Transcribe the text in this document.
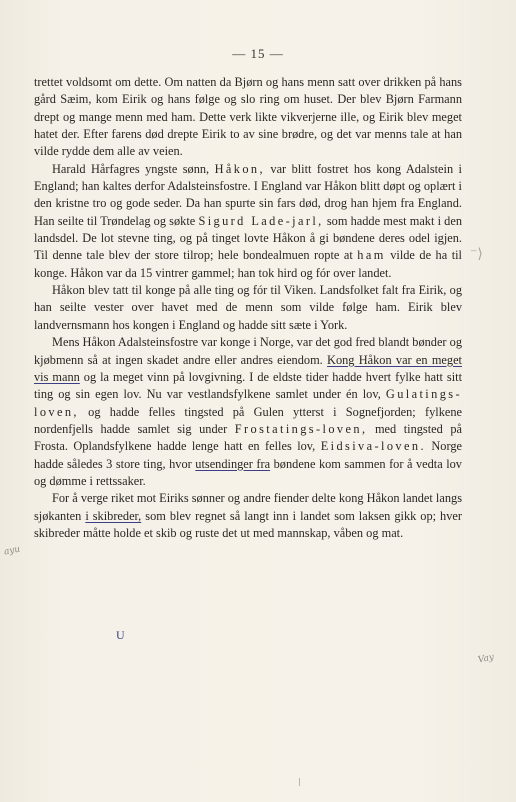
— 15 —

trettet voldsomt om dette. Om natten da Bjørn og hans menn satt over drikken på hans gård Sæim, kom Eirik og hans følge og slo ring om huset. Der blev Bjørn Farmann drept og mange menn med ham. Dette verk likte vikverjerne ille, og Eirik blev meget hatet der. Efter farens død drepte Eirik to av sine brødre, og det var menns tale at han vilde rydde dem alle av veien.

Harald Hårfagres yngste sønn, Håkon, var blitt fostret hos kong Adalstein i England; han kaltes derfor Adalsteinsfostre. I England var Håkon blitt døpt og oplært i den kristne tro og gode seder. Da han spurte sin fars død, drog han hjem fra England. Han seilte til Trøndelag og søkte Sigurd Lade-jarl, som hadde mest makt i den landsdel. De lot stevne ting, og på tinget lovte Håkon å gi bøndene deres odel igjen. Til denne tale blev der store tilrop; hele bondealmuen ropte at ham vilde de ha til konge. Håkon var da 15 vintrer gammel; han tok hird og fór over landet.

Håkon blev tatt til konge på alle ting og fór til Viken. Landsfolket falt fra Eirik, og han seilte vester over havet med de menn som vilde følge ham. Eirik blev landvernsmann hos kongen i England og hadde sitt sæte i York.

Mens Håkon Adalsteinsfostre var konge i Norge, var det god fred blandt bønder og kjøbmenn så at ingen skadet andre eller andres eiendom. Kong Håkon var en meget vis mann og la meget vinn på lovgivning. I de eldste tider hadde hvert fylke hatt sitt ting og sin egen lov. Nu var vestlandsfylkene samlet under én lov, Gulatings-loven, og hadde felles tingsted på Gulen ytterst i Sognefjorden; fylkene nordenfjells hadde samlet sig under Frostatings-loven, med tingsted på Frosta. Oplandsfylkene hadde lenge hatt en felles lov, Eidsiva-loven. Norge hadde således 3 store ting, hvor utsendinger fra bøndene kom sammen for å vedta lov og dømme i rettssaker.

For å verge riket mot Eiriks sønner og andre fiender delte kong Håkon landet langs sjøkanten i skibreder, som blev regnet så langt inn i landet som laksen gikk op; hver skibreder måtte holde et skib og ruste det ut med mannskap, våben og mat.

ayu
Vay
U
⁻⟩
